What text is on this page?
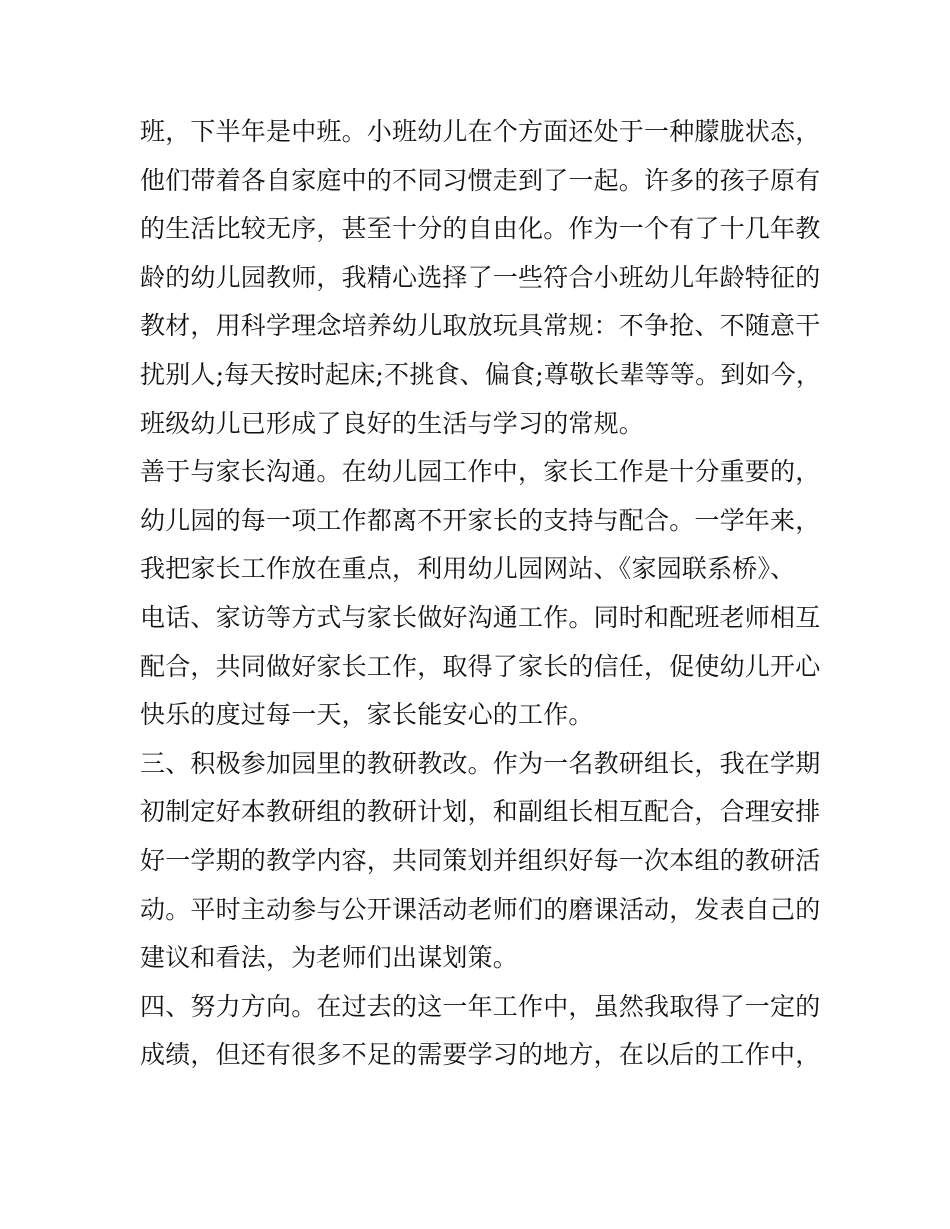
班，下半年是中班。小班幼儿在个方面还处于一种朦胧状态，
他们带着各自家庭中的不同习惯走到了一起。许多的孩子原有
的生活比较无序，甚至十分的自由化。作为一个有了十几年教
龄的幼儿园教师，我精心选择了一些符合小班幼儿年龄特征的
教材，用科学理念培养幼儿取放玩具常规：不争抢、不随意干
扰别人;每天按时起床;不挑食、偏食;尊敬长辈等等。到如今，
班级幼儿已形成了良好的生活与学习的常规。
善于与家长沟通。在幼儿园工作中，家长工作是十分重要的，
幼儿园的每一项工作都离不开家长的支持与配合。一学年来，
我把家长工作放在重点，利用幼儿园网站、《家园联系桥》、
电话、家访等方式与家长做好沟通工作。同时和配班老师相互
配合，共同做好家长工作，取得了家长的信任，促使幼儿开心
快乐的度过每一天，家长能安心的工作。
三、积极参加园里的教研教改。作为一名教研组长，我在学期
初制定好本教研组的教研计划，和副组长相互配合，合理安排
好一学期的教学内容，共同策划并组织好每一次本组的教研活
动。平时主动参与公开课活动老师们的磨课活动，发表自己的
建议和看法，为老师们出谋划策。
四、努力方向。在过去的这一年工作中，虽然我取得了一定的
成绩，但还有很多不足的需要学习的地方，在以后的工作中，
